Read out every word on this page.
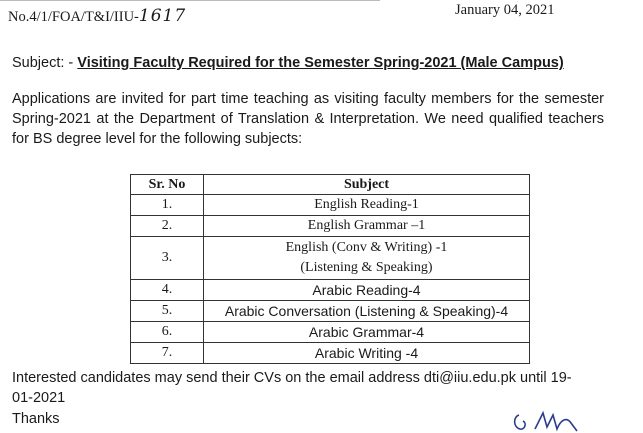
No.4/1/FOA/T&I/IIU-1617	January 04, 2021
Subject: - Visiting Faculty Required for the Semester Spring-2021 (Male Campus)
Applications are invited for part time teaching as visiting faculty members for the semester Spring-2021 at the Department of Translation & Interpretation. We need qualified teachers for BS degree level for the following subjects:
Sr. No	Subject
1.	English Reading-1
2.	English Grammar –1
3.	English (Conv & Writing) -1
(Listening & Speaking)

4.	Arabic Reading-4
5.	Arabic Conversation (Listening & Speaking)-4
6.	Arabic Grammar-4
7.	Arabic Writing -4
Interested candidates may send their CVs on the email address dti@iiu.edu.pk until 19-
01-2021
Thanks
